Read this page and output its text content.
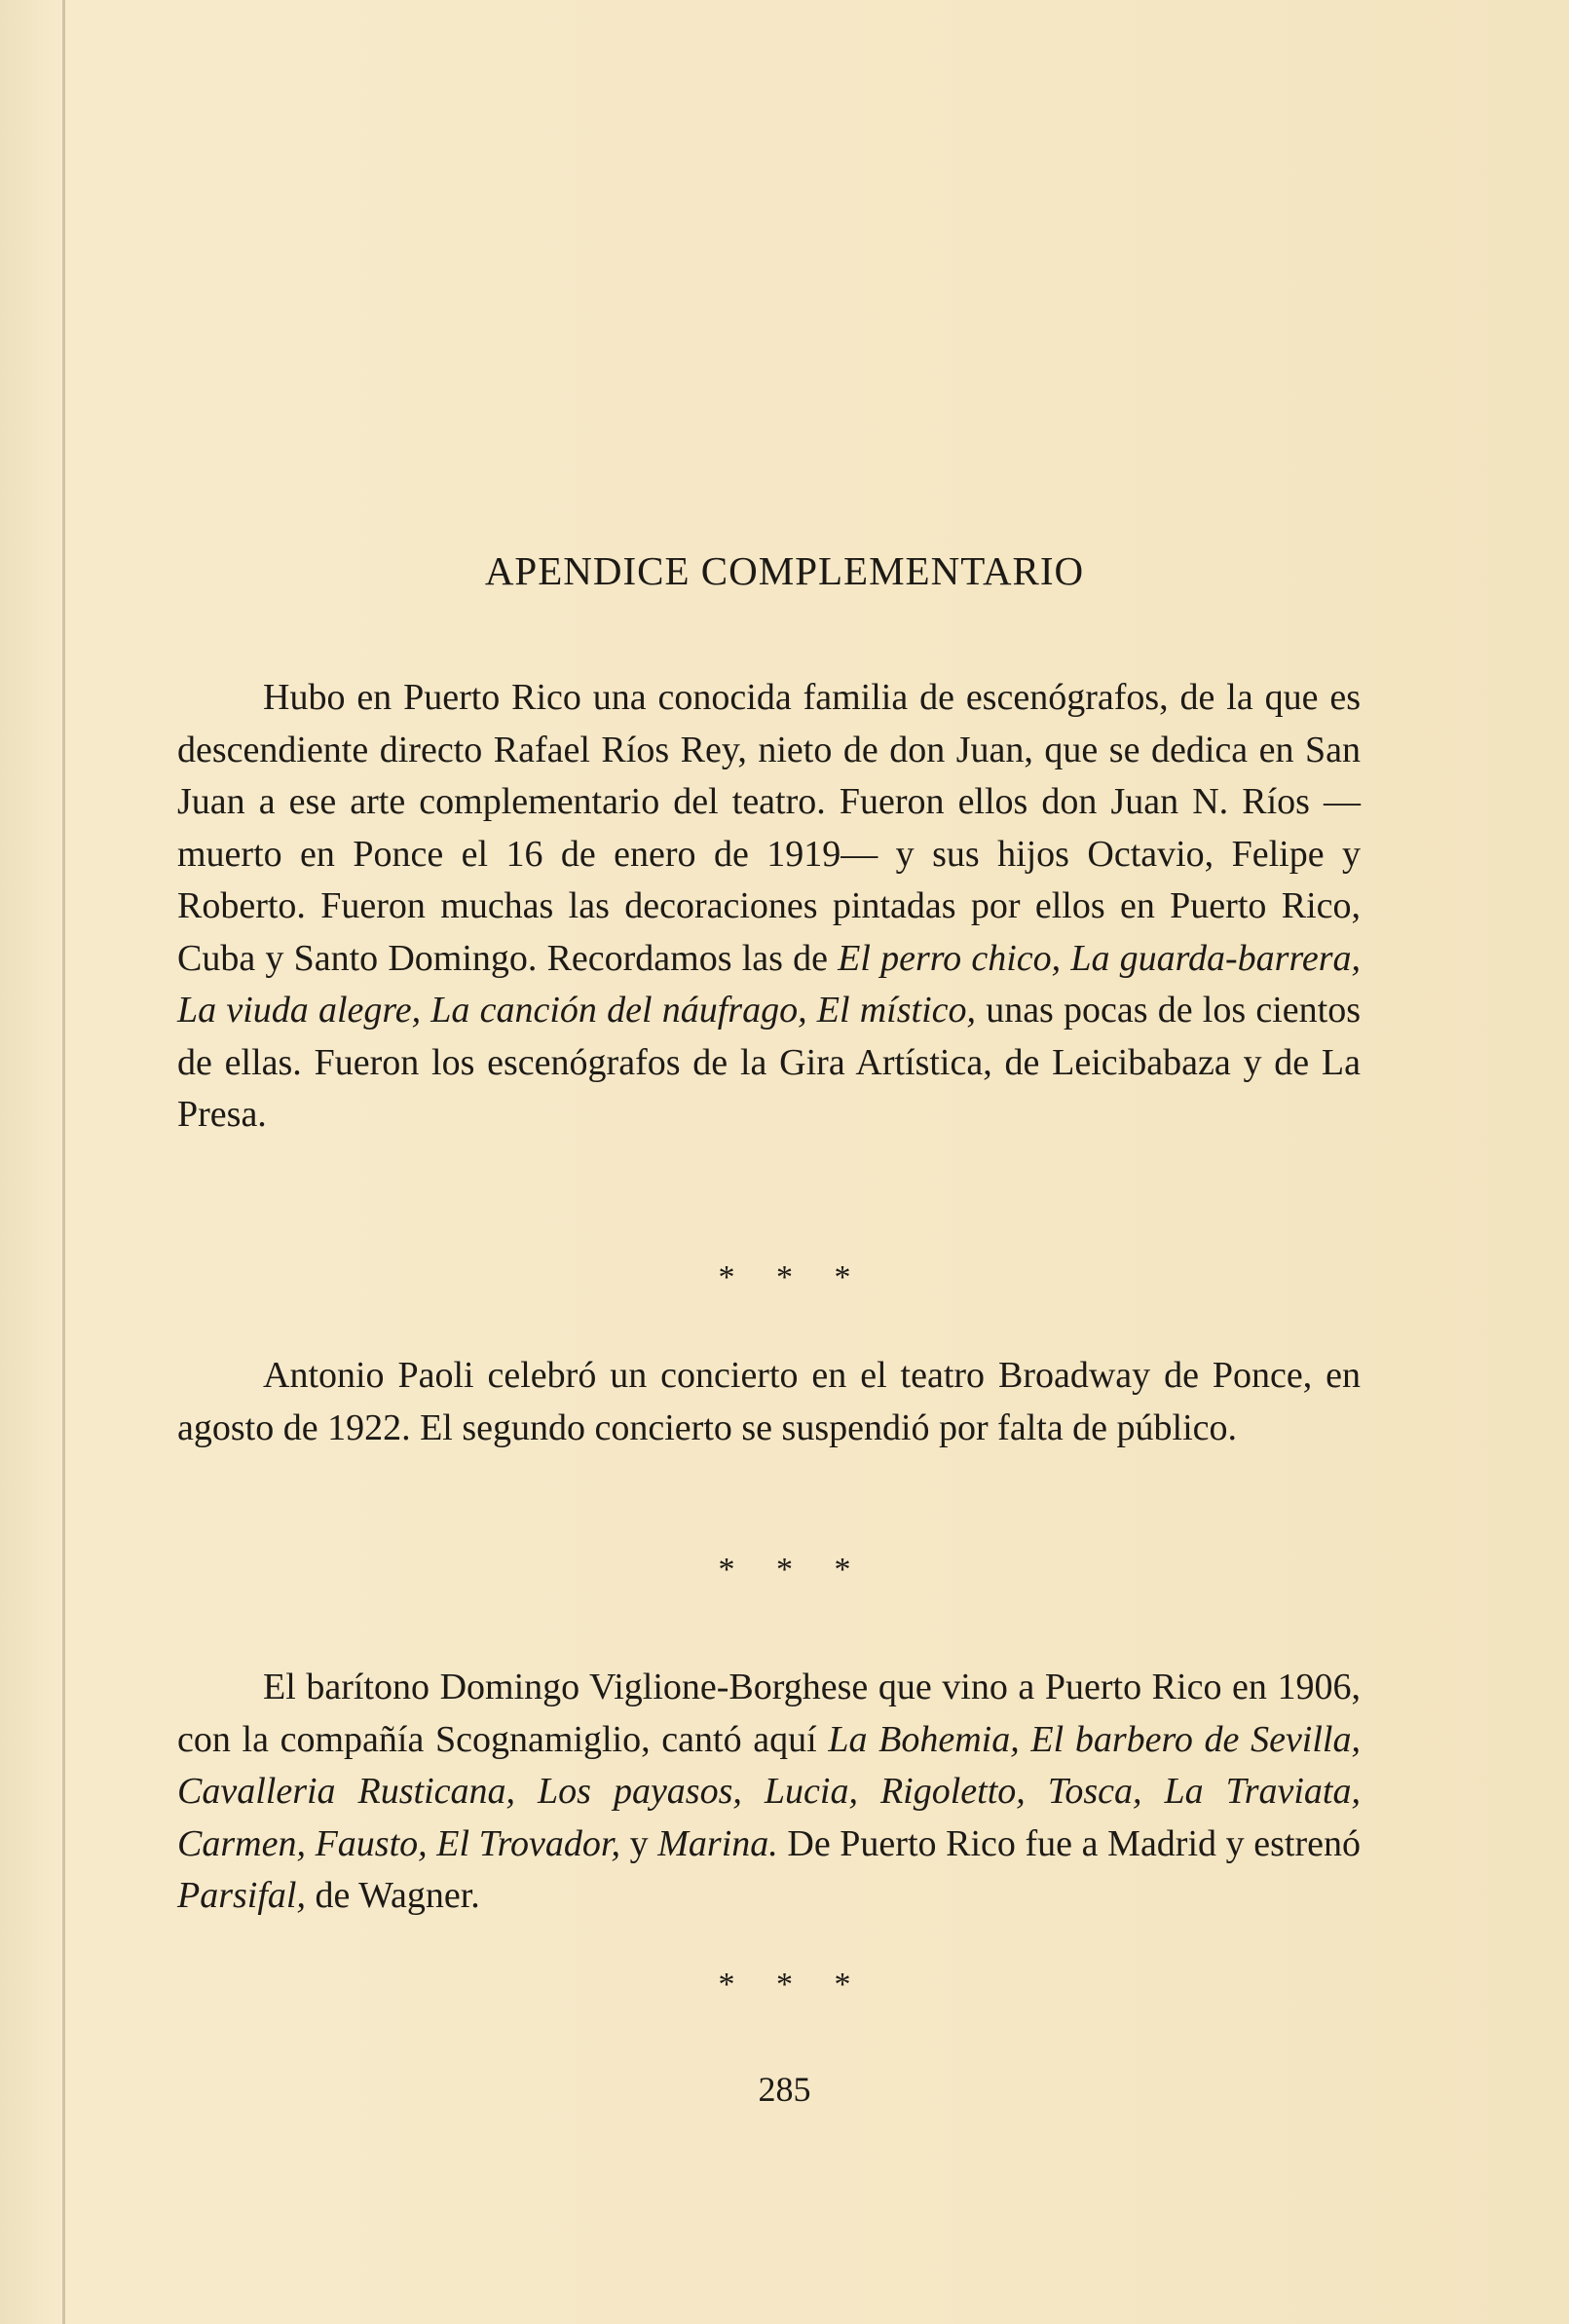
APENDICE COMPLEMENTARIO

Hubo en Puerto Rico una conocida familia de escenógrafos, de la que es descendiente directo Rafael Ríos Rey, nieto de don Juan, que se dedica en San Juan a ese arte complementario del teatro. Fueron ellos don Juan N. Ríos —muerto en Ponce el 16 de enero de 1919— y sus hijos Octavio, Felipe y Roberto. Fueron muchas las decoraciones pintadas por ellos en Puerto Rico, Cuba y Santo Domingo. Recordamos las de El perro chico, La guarda-barrera, La viuda alegre, La canción del náufrago, El místico, unas pocas de los cientos de ellas. Fueron los escenógrafos de la Gira Artística, de Leicibabaza y de La Presa.

* * *

Antonio Paoli celebró un concierto en el teatro Broadway de Ponce, en agosto de 1922. El segundo concierto se suspendió por falta de público.

* * *

El barítono Domingo Viglione-Borghese que vino a Puerto Rico en 1906, con la compañía Scognamiglio, cantó aquí La Bohemia, El barbero de Sevilla, Cavalleria Rusticana, Los payasos, Lucia, Rigoletto, Tosca, La Traviata, Carmen, Fausto, El Trovador, y Marina. De Puerto Rico fue a Madrid y estrenó Parsifal, de Wagner.

* * *
285
